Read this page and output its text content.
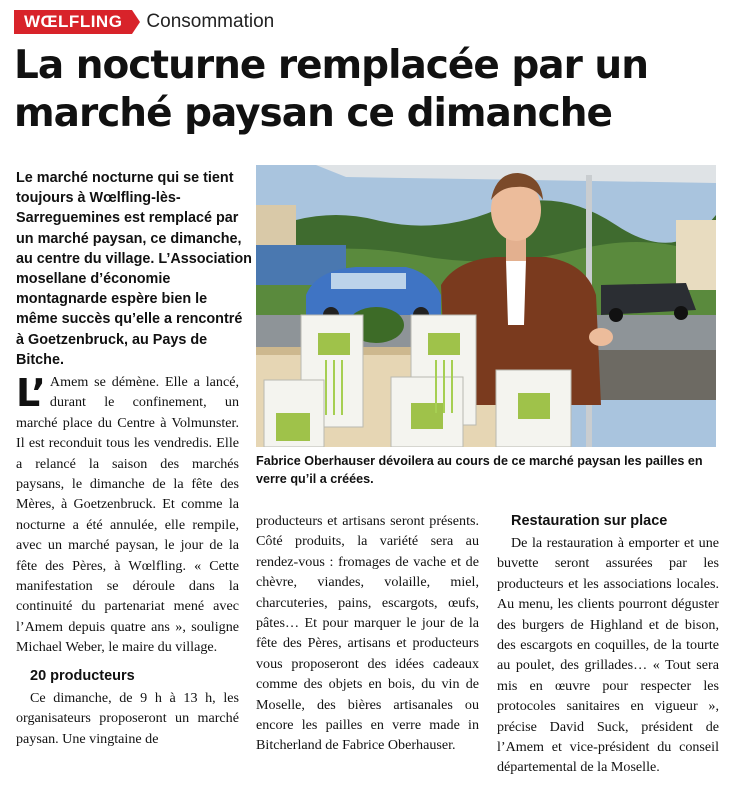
WŒLFLING	Consommation
La nocturne remplacée par un marché paysan ce dimanche
Le marché nocturne qui se tient toujours à Wœlfling-lès-Sarreguemines est remplacé par un marché paysan, ce dimanche, au centre du village. L’Association mosellane d’économie montagnarde espère bien le même succès qu’elle a rencontré à Goetzenbruck, au Pays de Bitche.
Fabrice Oberhauser dévoilera au cours de ce marché paysan les pailles en verre qu’il a créées.

L’ Amem se démène. Elle a lancé, durant le confinement, un marché place du Centre à Volmunster. Il est reconduit tous les vendredis. Elle a relancé la saison des marchés paysans, le dimanche de la fête des Mères, à Goetzenbruck. Et comme la nocturne a été annulée, elle rempile, avec un marché paysan, le jour de la fête des Pères, à Wœlfling. « Cette manifestation se déroule dans la continuité du partenariat mené avec l’Amem depuis quatre ans », souligne Michael Weber, le maire du village.

20 producteurs

Ce dimanche, de 9 h à 13 h, les organisateurs proposeront un marché paysan. Une vingtaine de

producteurs et artisans seront présents. Côté produits, la variété sera au rendez-vous : fromages de vache et de chèvre, viandes, volaille, miel, charcuteries, pains, escargots, œufs, pâtes… Et pour marquer le jour de la fête des Pères, artisans et producteurs vous proposeront des idées cadeaux comme des objets en bois, du vin de Moselle, des bières artisanales ou encore les pailles en verre made in Bitcherland de Fabrice Oberhauser.

Restauration sur place

De la restauration à emporter et une buvette seront assurées par les producteurs et les associations locales. Au menu, les clients pourront déguster des burgers de Highland et de bison, des escargots en coquilles, de la tourte au poulet, des grillades… « Tout sera mis en œuvre pour respecter les protocoles sanitaires en vigueur », précise David Suck, président de l’Amem et vice-président du conseil départemental de la Moselle.
